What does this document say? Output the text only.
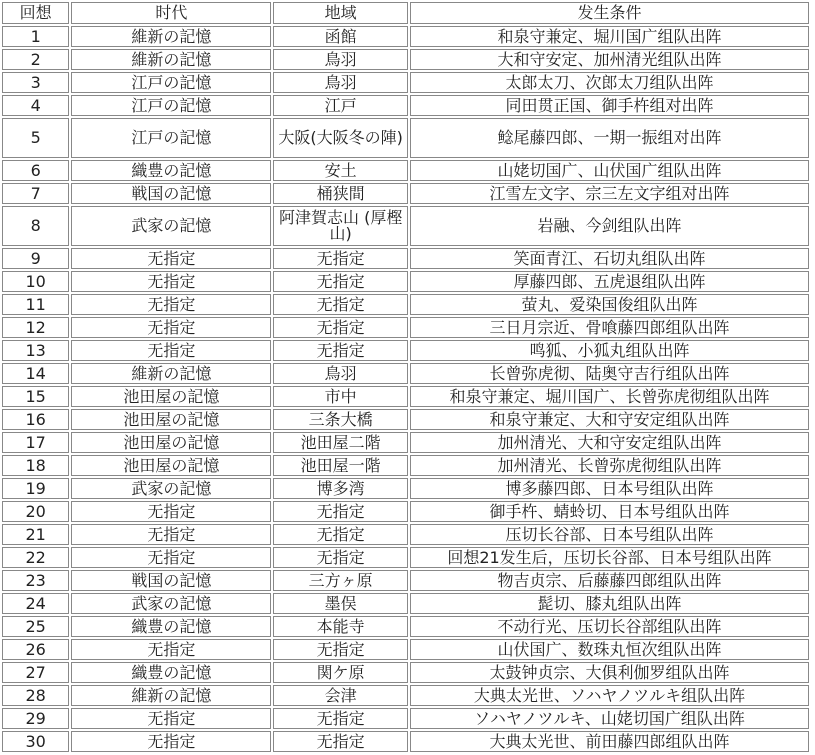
回想	时代	地域	发生条件
1	維新の記憶	函館	和泉守兼定、堀川国广组队出阵
2	維新の記憶	鳥羽	大和守安定、加州清光组队出阵
3	江戸の記憶	鳥羽	太郎太刀、次郎太刀组队出阵
4	江戸の記憶	江戸	同田贯正国、御手杵组对出阵
5	江戸の記憶	大阪(大阪冬の陣)	鲶尾藤四郎、一期一振组对出阵
6	織豊の記憶	安土	山姥切国广、山伏国广组队出阵
7	戦国の記憶	桶狭間	江雪左文字、宗三左文字组对出阵
8	武家の記憶	阿津賀志山 (厚樫山)	岩融、今剑组队出阵
9	无指定	无指定	笑面青江、石切丸组队出阵
10	无指定	无指定	厚藤四郎、五虎退组队出阵
11	无指定	无指定	萤丸、爱染国俊组队出阵
12	无指定	无指定	三日月宗近、骨喰藤四郎组队出阵
13	无指定	无指定	鸣狐、小狐丸组队出阵
14	維新の記憶	鳥羽	长曾弥虎彻、陆奥守吉行组队出阵
15	池田屋の記憶	市中	和泉守兼定、堀川国广、长曾弥虎彻组队出阵
16	池田屋の記憶	三条大橋	和泉守兼定、大和守安定组队出阵
17	池田屋の記憶	池田屋二階	加州清光、大和守安定组队出阵
18	池田屋の記憶	池田屋一階	加州清光、长曾弥虎彻组队出阵
19	武家の記憶	博多湾	博多藤四郎、日本号组队出阵
20	无指定	无指定	御手杵、蜻蛉切、日本号组队出阵
21	无指定	无指定	压切长谷部、日本号组队出阵
22	无指定	无指定	回想21发生后，压切长谷部、日本号组队出阵
23	戦国の記憶	三方ヶ原	物吉贞宗、后藤藤四郎组队出阵
24	武家の記憶	墨俣	髭切、膝丸组队出阵
25	織豊の記憶	本能寺	不动行光、压切长谷部组队出阵
26	无指定	无指定	山伏国广、数珠丸恒次组队出阵
27	織豊の記憶	関ケ原	太鼓钟贞宗、大俱利伽罗组队出阵
28	維新の記憶	会津	大典太光世、ソハヤノツルキ组队出阵
29	无指定	无指定	ソハヤノツルキ、山姥切国广组队出阵
30	无指定	无指定	大典太光世、前田藤四郎组队出阵
